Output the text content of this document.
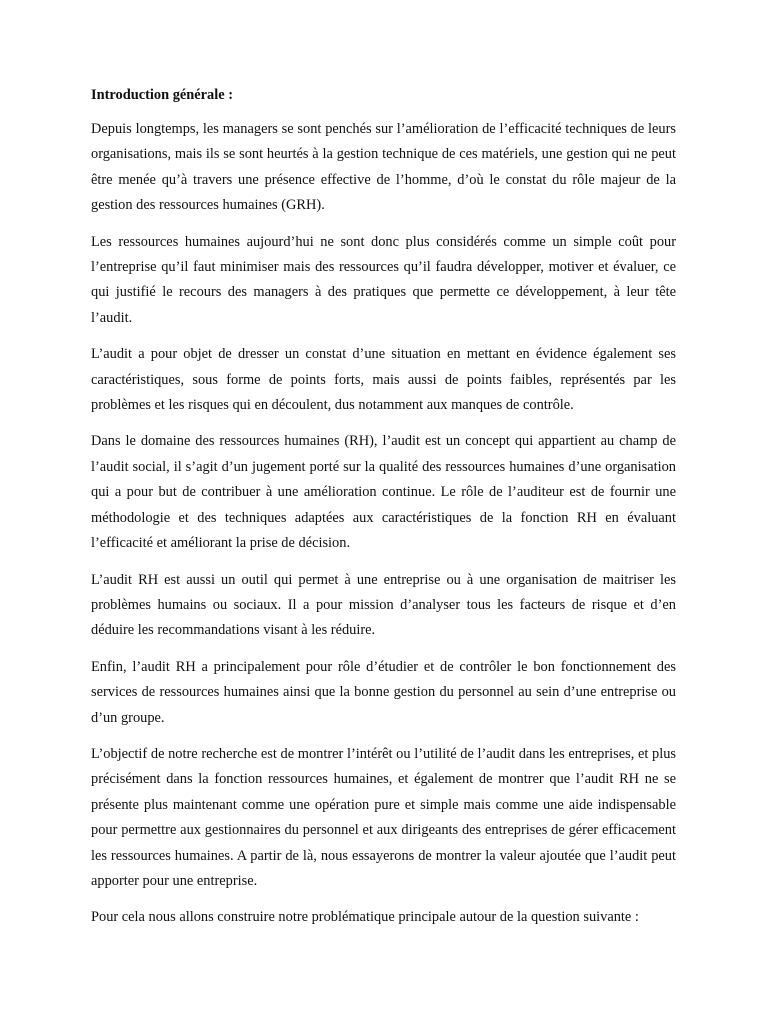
Introduction générale :

Depuis longtemps, les managers se sont penchés sur l’amélioration de l’efficacité techniques de leurs organisations, mais ils se sont heurtés à la gestion technique de ces matériels, une gestion qui ne peut être menée qu’à travers une présence effective de l’homme, d’où le constat du rôle majeur de la gestion des ressources humaines (GRH).

Les ressources humaines aujourd’hui ne sont donc plus considérés comme un simple coût pour l’entreprise qu’il faut minimiser mais des ressources qu’il faudra développer, motiver et évaluer, ce qui justifié le recours des managers à des pratiques que permette ce développement, à leur tête l’audit.

L’audit a pour objet de dresser un constat d’une situation en mettant en évidence également ses caractéristiques, sous forme de points forts, mais aussi de points faibles, représentés par les problèmes et les risques qui en découlent, dus notamment aux manques de contrôle.

Dans le domaine des ressources humaines (RH), l’audit est un concept qui appartient au champ de l’audit social, il s’agit d’un jugement porté sur la qualité des ressources humaines d’une organisation qui a pour but de contribuer à une amélioration continue. Le rôle de l’auditeur est de fournir une méthodologie et des techniques adaptées aux caractéristiques de la fonction RH en évaluant l’efficacité et améliorant la prise de décision.

L’audit RH est aussi un outil qui permet à une entreprise ou à une organisation de maitriser les problèmes humains ou sociaux. Il a pour mission d’analyser tous les facteurs de risque et d’en déduire les recommandations visant à les réduire.

Enfin, l’audit RH a principalement pour rôle d’étudier et de contrôler le bon fonctionnement des services de ressources humaines ainsi que la bonne gestion du personnel au sein d’une entreprise ou d’un groupe.

L’objectif de notre recherche est de montrer l’intérêt ou l’utilité de l’audit dans les entreprises, et plus précisément dans la fonction ressources humaines, et également de montrer que l’audit RH ne se présente plus maintenant comme une opération pure et simple mais comme une aide indispensable pour permettre aux gestionnaires du personnel et aux dirigeants des entreprises de gérer efficacement les ressources humaines. A partir de là, nous essayerons de montrer la valeur ajoutée que l’audit peut apporter pour une entreprise.

Pour cela nous allons construire notre problématique principale autour de la question suivante :
